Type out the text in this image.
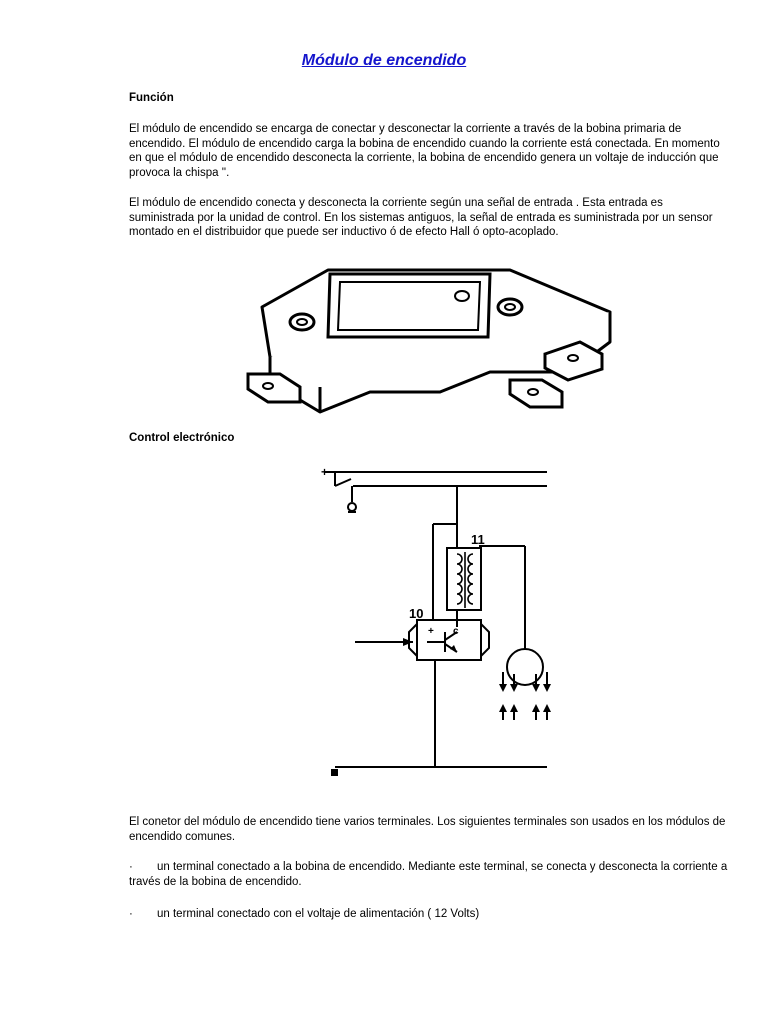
Módulo de encendido

Función

El módulo de encendido se encarga de conectar y desconectar la corriente a través de la bobina primaria de encendido. El módulo de encendido carga la bobina de encendido cuando la corriente está conectada. En momento en que el módulo de encendido desconecta la corriente, la bobina de encendido genera un voltaje de inducción que provoca la chispa ''.

El módulo de encendido conecta y desconecta la corriente según una señal de entrada . Esta entrada es suministrada por la unidad de control. En los sistemas antiguos, la señal de entrada es suministrada por un sensor montado en el distribuidor que puede ser inductivo ó de efecto Hall ó opto-acoplado.

Control electrónico

+
11
10
+ c

El conetor del módulo de encendido tiene varios terminales. Los siguientes terminales son usados en los módulos de encendido comunes.

· un terminal conectado a la bobina de encendido. Mediante este terminal, se conecta y desconecta la corriente a través de la bobina de encendido.

· un terminal conectado con el voltaje de alimentación ( 12 Volts)
